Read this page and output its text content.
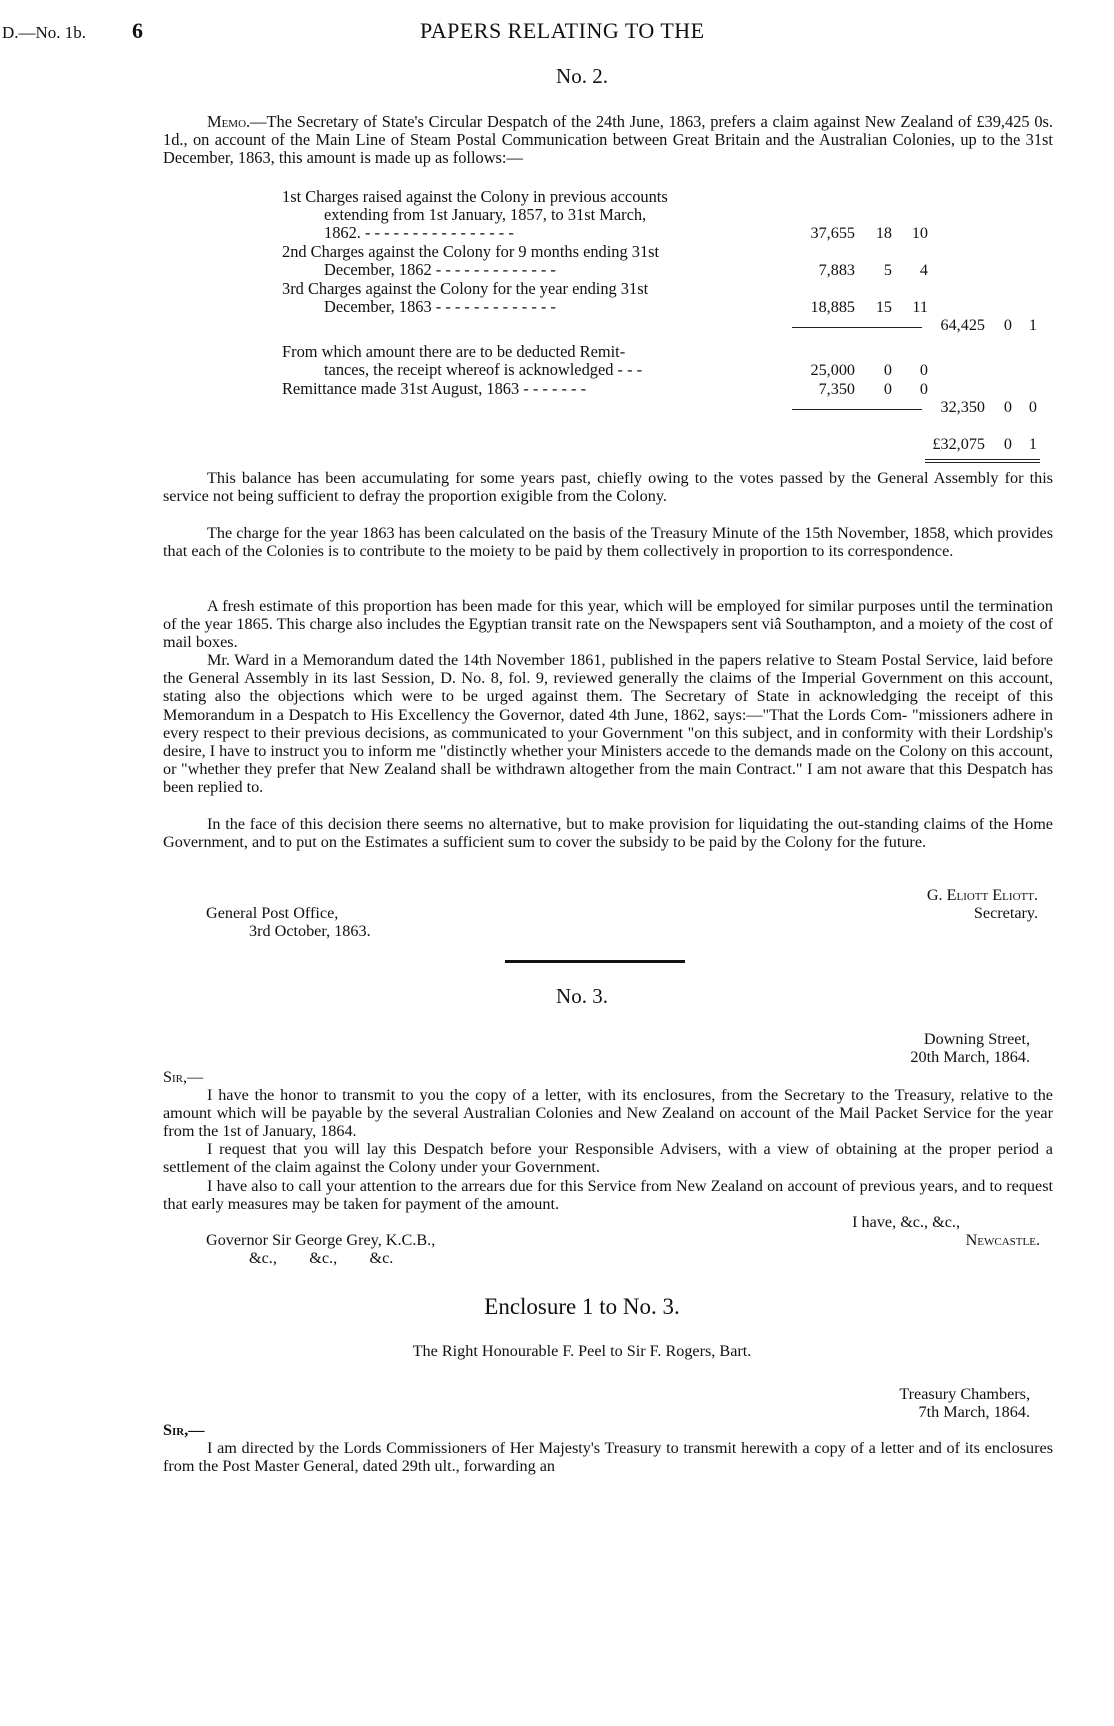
D.—No. 1b. 6	PAPERS RELATING TO THE
No. 2.
Memo.—The Secretary of State's Circular Despatch of the 24th June, 1863, prefers a claim against New Zealand of £39,425 0s. 1d., on account of the Main Line of Steam Postal Communication between Great Britain and the Australian Colonies, up to the 31st December, 1863, this amount is made up as follows:—
1st Charges raised against the Colony in previous accounts
extending from 1st January, 1857, to 31st March,
1862. - - - - - - - - - - - - - - - -	37,655	18	10
2nd Charges against the Colony for 9 months ending 31st
December, 1862 - - - - - - - - - - - - -	7,883	5	4
3rd Charges against the Colony for the year ending 31st
December, 1863 - - - - - - - - - - - - -	18,885	15	11
64,425	0	1
From which amount there are to be deducted Remit-
tances, the receipt whereof is acknowledged - - -	25,000	0	0
Remittance made 31st August, 1863 - - - - - - -	7,350	0	0
32,350	0	0
£32,075	0	1
This balance has been accumulating for some years past, chiefly owing to the votes passed by the General Assembly for this service not being sufficient to defray the proportion exigible from the Colony.
The charge for the year 1863 has been calculated on the basis of the Treasury Minute of the 15th November, 1858, which provides that each of the Colonies is to contribute to the moiety to be paid by them collectively in proportion to its correspondence.
A fresh estimate of this proportion has been made for this year, which will be employed for similar purposes until the termination of the year 1865. This charge also includes the Egyptian transit rate on the Newspapers sent viâ Southampton, and a moiety of the cost of mail boxes.
Mr. Ward in a Memorandum dated the 14th November 1861, published in the papers relative to Steam Postal Service, laid before the General Assembly in its last Session, D. No. 8, fol. 9, reviewed generally the claims of the Imperial Government on this account, stating also the objections which were to be urged against them. The Secretary of State in acknowledging the receipt of this Memorandum in a Despatch to His Excellency the Governor, dated 4th June, 1862, says:—"That the Lords Com- "missioners adhere in every respect to their previous decisions, as communicated to your Government "on this subject, and in conformity with their Lordship's desire, I have to instruct you to inform me "distinctly whether your Ministers accede to the demands made on the Colony on this account, or "whether they prefer that New Zealand shall be withdrawn altogether from the main Contract." I am not aware that this Despatch has been replied to.
In the face of this decision there seems no alternative, but to make provision for liquidating the out-standing claims of the Home Government, and to put on the Estimates a sufficient sum to cover the subsidy to be paid by the Colony for the future.
G. Eliott Eliott.
Secretary.
General Post Office,
3rd October, 1863.
No. 3.
Downing Street,
20th March, 1864.
Sir,—
I have the honor to transmit to you the copy of a letter, with its enclosures, from the Secretary to the Treasury, relative to the amount which will be payable by the several Australian Colonies and New Zealand on account of the Mail Packet Service for the year from the 1st of January, 1864.
I request that you will lay this Despatch before your Responsible Advisers, with a view of obtaining at the proper period a settlement of the claim against the Colony under your Government.
I have also to call your attention to the arrears due for this Service from New Zealand on account of previous years, and to request that early measures may be taken for payment of the amount.
I have, &c., &c.,
Newcastle.
Governor Sir George Grey, K.C.B.,
&c.,        &c.,        &c.
Enclosure 1 to No. 3.
The Right Honourable F. Peel to Sir F. Rogers, Bart.
Treasury Chambers,
7th March, 1864.
Sir,—
I am directed by the Lords Commissioners of Her Majesty's Treasury to transmit herewith a copy of a letter and of its enclosures from the Post Master General, dated 29th ult., forwarding an
